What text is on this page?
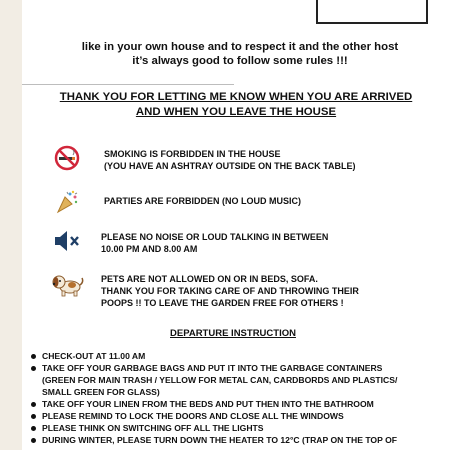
like in your own house and to respect it and the other host
it’s always good to follow some rules !!!
THANK YOU FOR LETTING ME KNOW WHEN YOU ARE ARRIVED
AND WHEN YOU LEAVE THE HOUSE
SMOKING IS FORBIDDEN IN THE HOUSE
(YOU HAVE AN ASHTRAY OUTSIDE ON THE BACK TABLE)
PARTIES ARE FORBIDDEN (NO LOUD MUSIC)
PLEASE NO NOISE OR LOUD TALKING IN BETWEEN
10.00 PM AND 8.00 AM
PETS ARE NOT ALLOWED ON OR IN BEDS, SOFA.
THANK YOU FOR TAKING CARE OF AND THROWING THEIR
POOPS !! TO LEAVE THE GARDEN FREE FOR OTHERS !
DEPARTURE INSTRUCTION
CHECK-OUT AT 11.00 AM
TAKE OFF YOUR GARBAGE BAGS AND PUT IT INTO THE GARBAGE CONTAINERS
(GREEN FOR MAIN TRASH / YELLOW FOR METAL CAN, CARDBORDS AND PLASTICS/
SMALL GREEN FOR GLASS)
TAKE OFF YOUR LINEN FROM THE BEDS AND PUT THEN INTO THE BATHROOM
PLEASE REMIND TO LOCK THE DOORS AND CLOSE ALL THE WINDOWS
PLEASE THINK ON SWITCHING OFF ALL THE LIGHTS
DURING WINTER, PLEASE TURN DOWN THE HEATER TO 12°C (TRAP ON THE TOP OF
